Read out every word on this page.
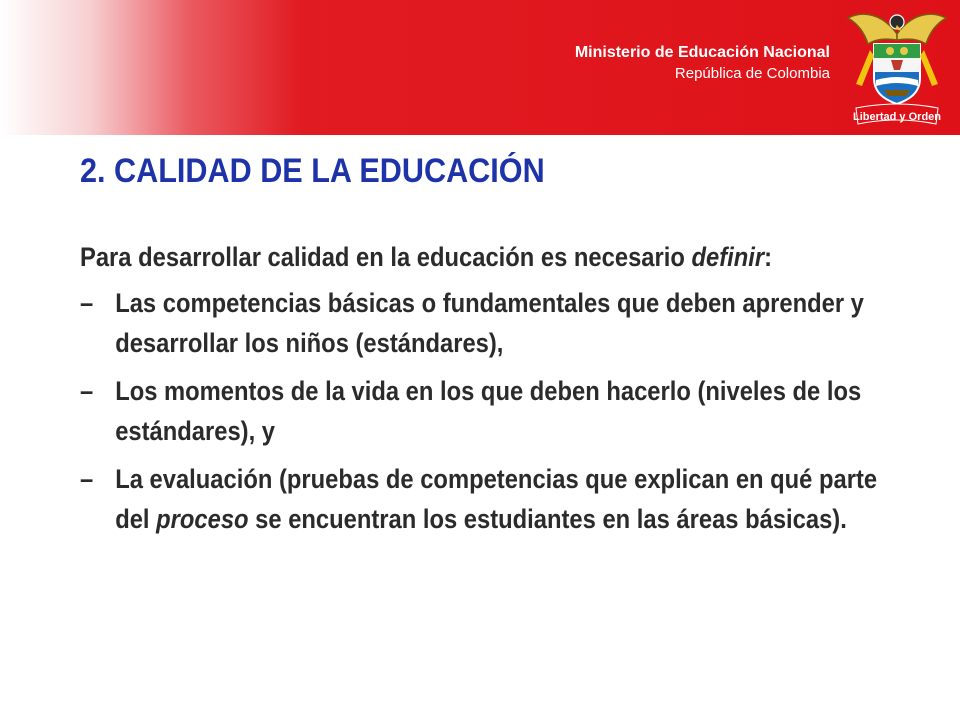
Ministerio de Educación Nacional
República de Colombia
Libertad y Orden
2. CALIDAD DE LA EDUCACIÓN

Para desarrollar calidad en la educación es necesario definir:

– Las competencias básicas o fundamentales que deben aprender y desarrollar los niños (estándares),
– Los momentos de la vida en los que deben hacerlo (niveles de los estándares), y
– La evaluación (pruebas de competencias que explican en qué parte del proceso se encuentran los estudiantes en las áreas básicas).
